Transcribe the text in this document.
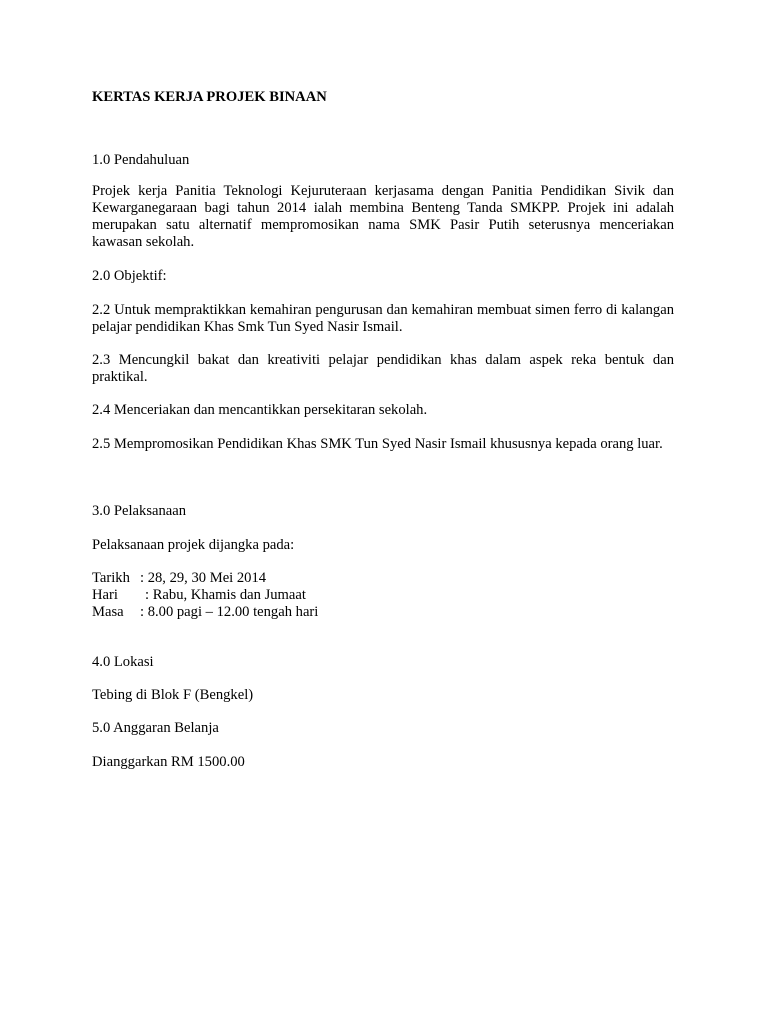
KERTAS KERJA PROJEK BINAAN
1.0 Pendahuluan
Projek kerja Panitia Teknologi Kejuruteraan kerjasama dengan Panitia Pendidikan Sivik dan Kewarganegaraan bagi tahun 2014 ialah membina Benteng Tanda SMKPP. Projek ini adalah merupakan satu alternatif mempromosikan nama SMK Pasir Putih seterusnya menceriakan kawasan sekolah.
2.0 Objektif:
2.2 Untuk mempraktikkan kemahiran pengurusan dan kemahiran membuat simen ferro di kalangan pelajar pendidikan Khas Smk Tun Syed Nasir Ismail.
2.3 Mencungkil bakat dan kreativiti pelajar pendidikan khas dalam aspek reka bentuk dan praktikal.
2.4 Menceriakan dan mencantikkan persekitaran sekolah.
2.5 Mempromosikan Pendidikan Khas SMK Tun Syed Nasir Ismail khususnya kepada orang luar.
3.0 Pelaksanaan
Pelaksanaan projek dijangka pada:
Tarikh : 28, 29, 30 Mei 2014
Hari : Rabu, Khamis dan Jumaat
Masa : 8.00 pagi – 12.00 tengah hari
4.0 Lokasi
Tebing di Blok F (Bengkel)
5.0 Anggaran Belanja
Dianggarkan RM 1500.00
